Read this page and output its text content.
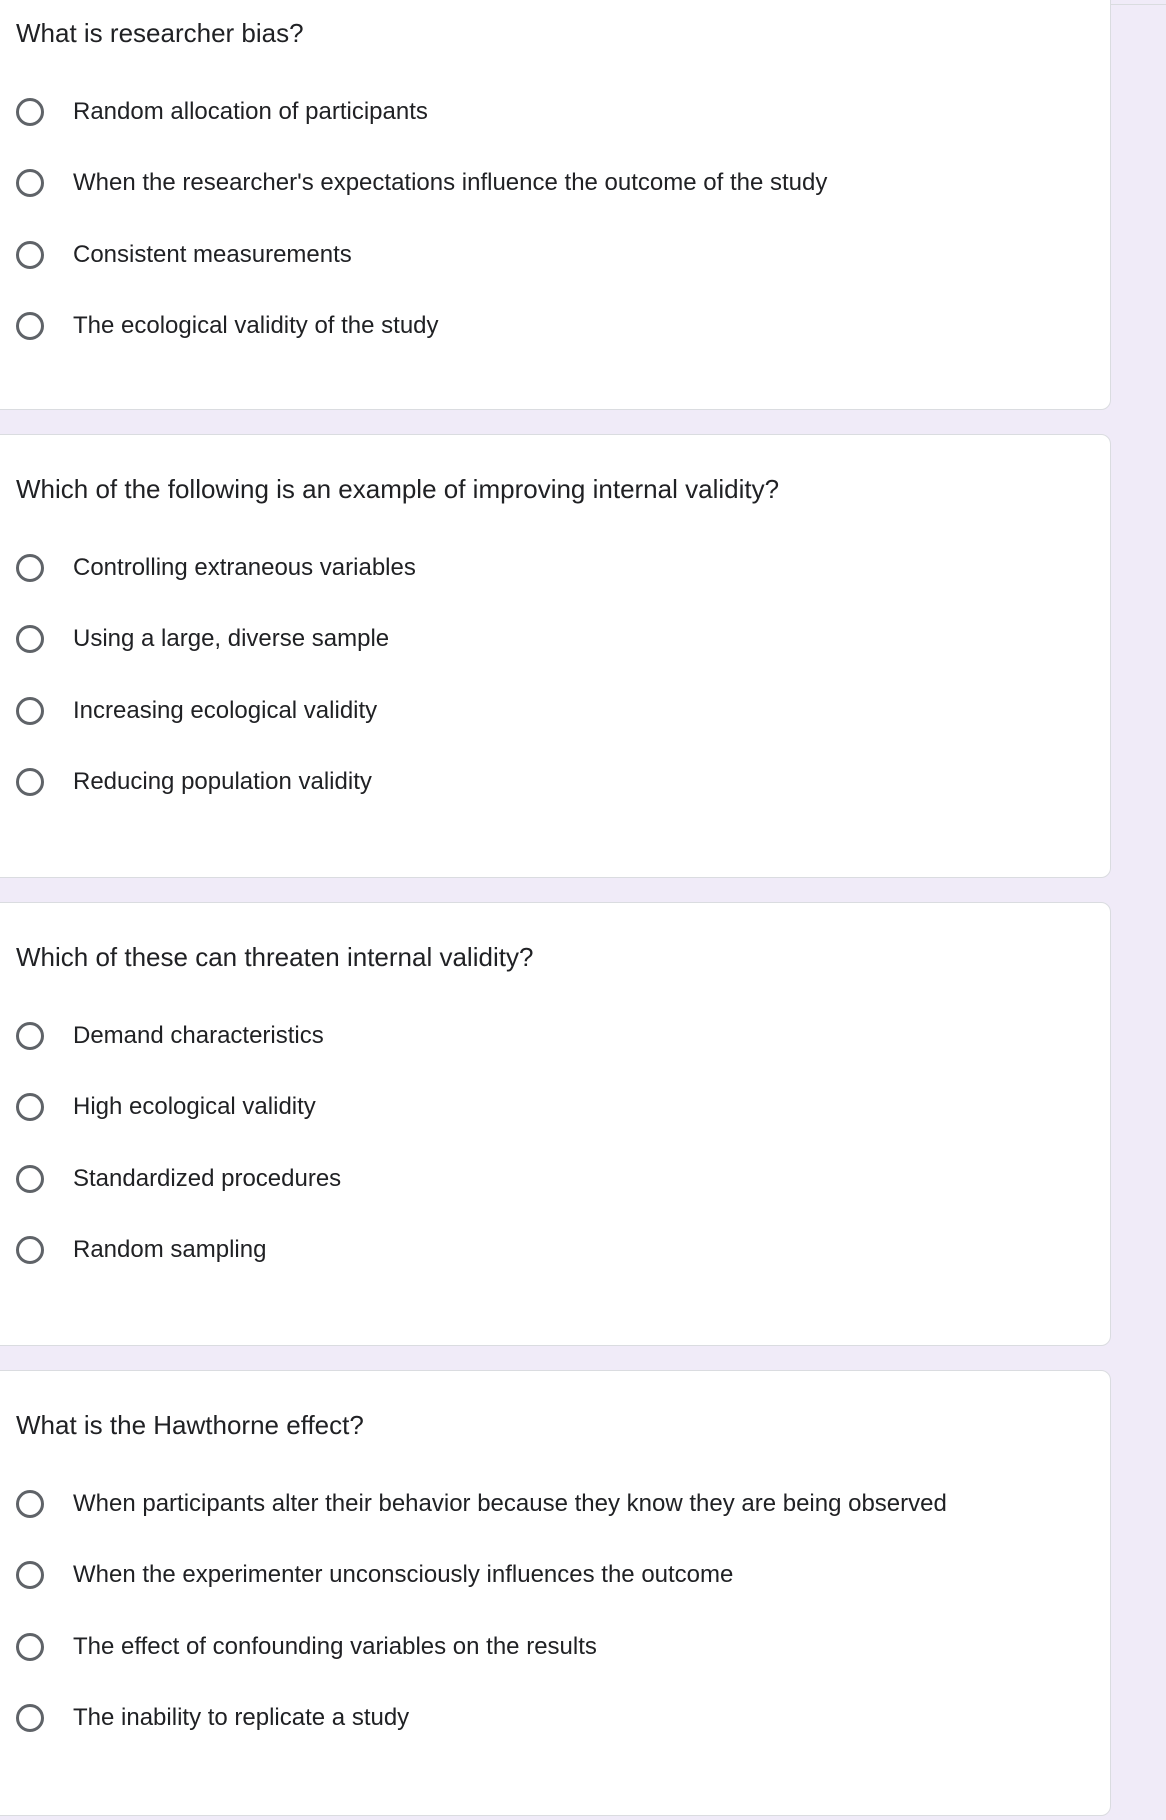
What is researcher bias?
Random allocation of participants
When the researcher's expectations influence the outcome of the study
Consistent measurements
The ecological validity of the study
Which of the following is an example of improving internal validity?
Controlling extraneous variables
Using a large, diverse sample
Increasing ecological validity
Reducing population validity
Which of these can threaten internal validity?
Demand characteristics
High ecological validity
Standardized procedures
Random sampling
What is the Hawthorne effect?
When participants alter their behavior because they know they are being observed
When the experimenter unconsciously influences the outcome
The effect of confounding variables on the results
The inability to replicate a study
